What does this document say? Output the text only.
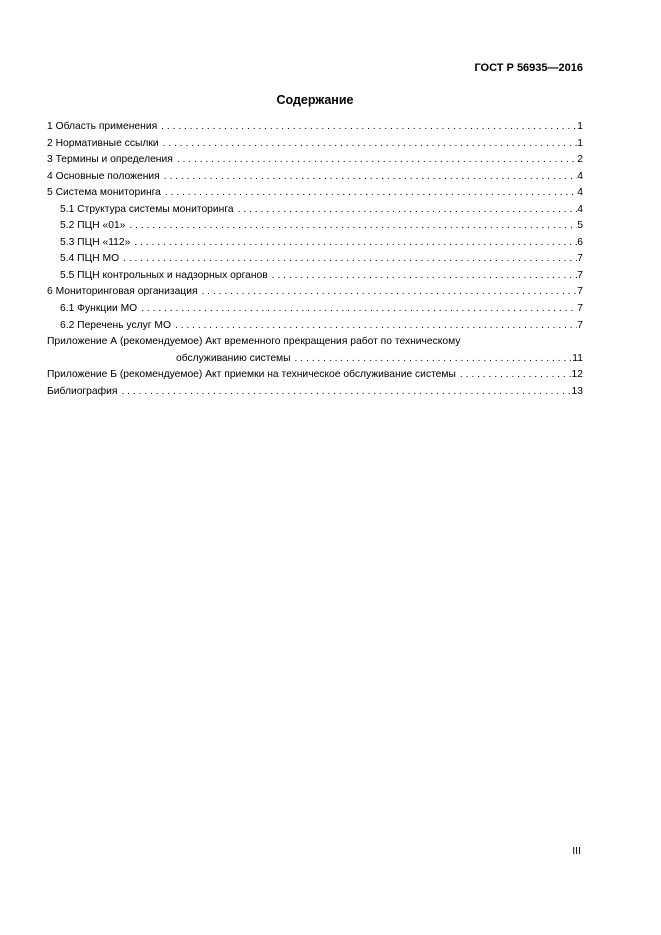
ГОСТ Р 56935—2016
Содержание
1 Область применения . . .	1
2 Нормативные ссылки . . .	1
3 Термины и определения . . .	2
4 Основные положения . . .	4
5 Система мониторинга . . .	4
5.1 Структура системы мониторинга . . .	4
5.2 ПЦН «01» . . .	5
5.3 ПЦН «112» . . .	6
5.4 ПЦН МО . . .	7
5.5 ПЦН контрольных и надзорных органов . . .	7
6 Мониторинговая организация . . .	7
6.1 Функции МО . . .	7
6.2 Перечень услуг МО . . .	7
Приложение А (рекомендуемое) Акт временного прекращения работ по техническому
обслуживанию системы . . .	11
Приложение Б (рекомендуемое) Акт приемки на техническое обслуживание системы . . .	12
Библиография . . .	13
III
